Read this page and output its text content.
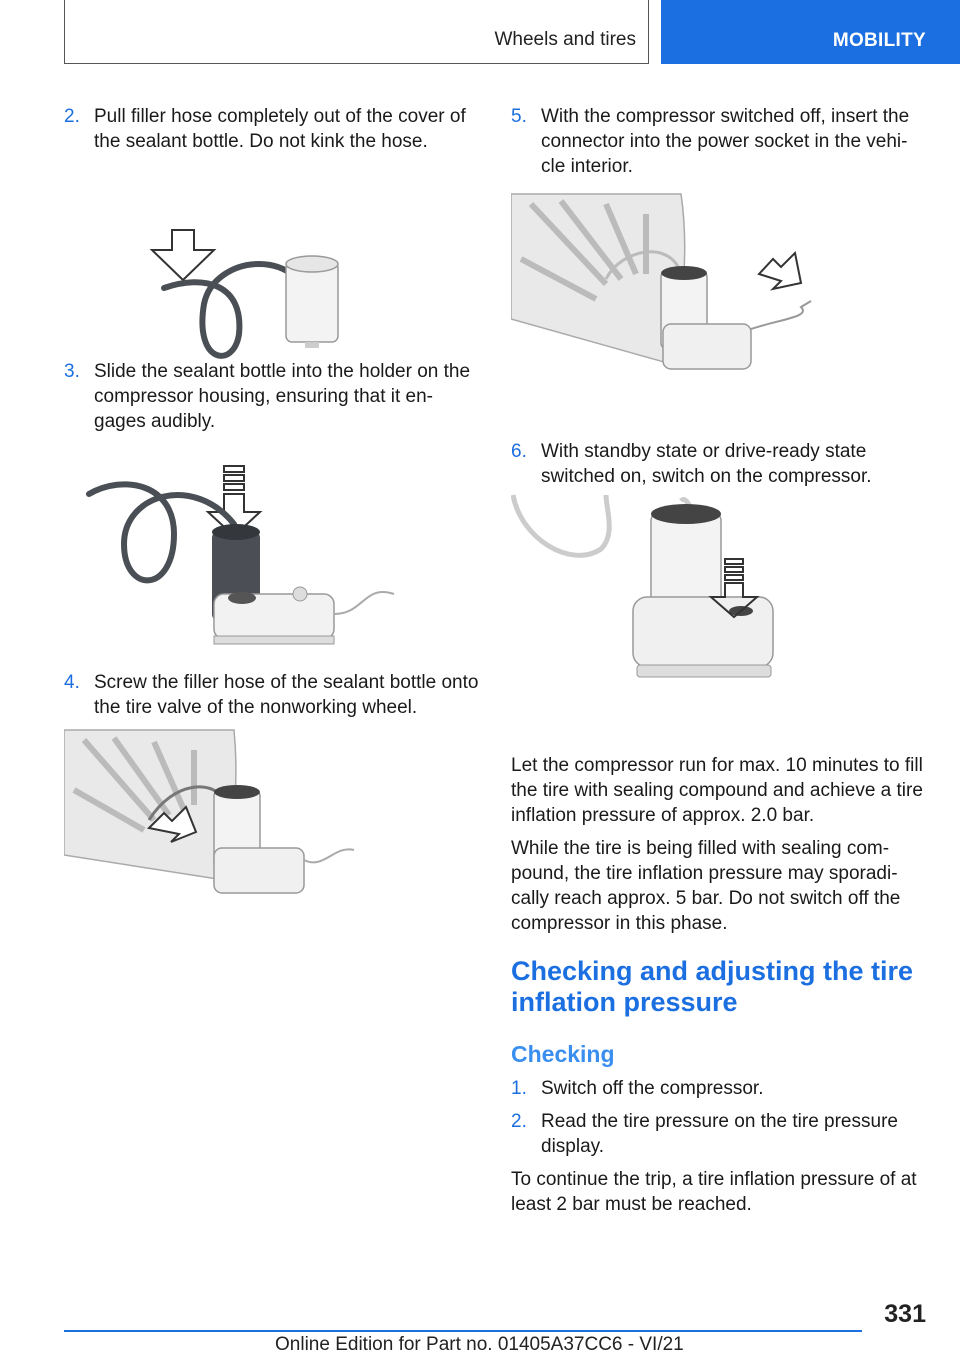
Wheels and tires	MOBILITY
2. Pull filler hose completely out of the cover of the sealant bottle. Do not kink the hose.
3. Slide the sealant bottle into the holder on the compressor housing, ensuring that it en-gages audibly.
4. Screw the filler hose of the sealant bottle onto the tire valve of the nonworking wheel.
5. With the compressor switched off, insert the connector into the power socket in the vehi-cle interior.
6. With standby state or drive-ready state switched on, switch on the compressor.

Let the compressor run for max. 10 minutes to fill the tire with sealing compound and achieve a tire inflation pressure of approx. 2.0 bar.

While the tire is being filled with sealing com-pound, the tire inflation pressure may sporadi-cally reach approx. 5 bar. Do not switch off the compressor in this phase.

Checking and adjusting the tire inflation pressure
Checking
1. Switch off the compressor.
2. Read the tire pressure on the tire pressure display.

To continue the trip, a tire inflation pressure of at least 2 bar must be reached.

331
Online Edition for Part no. 01405A37CC6 - VI/21
